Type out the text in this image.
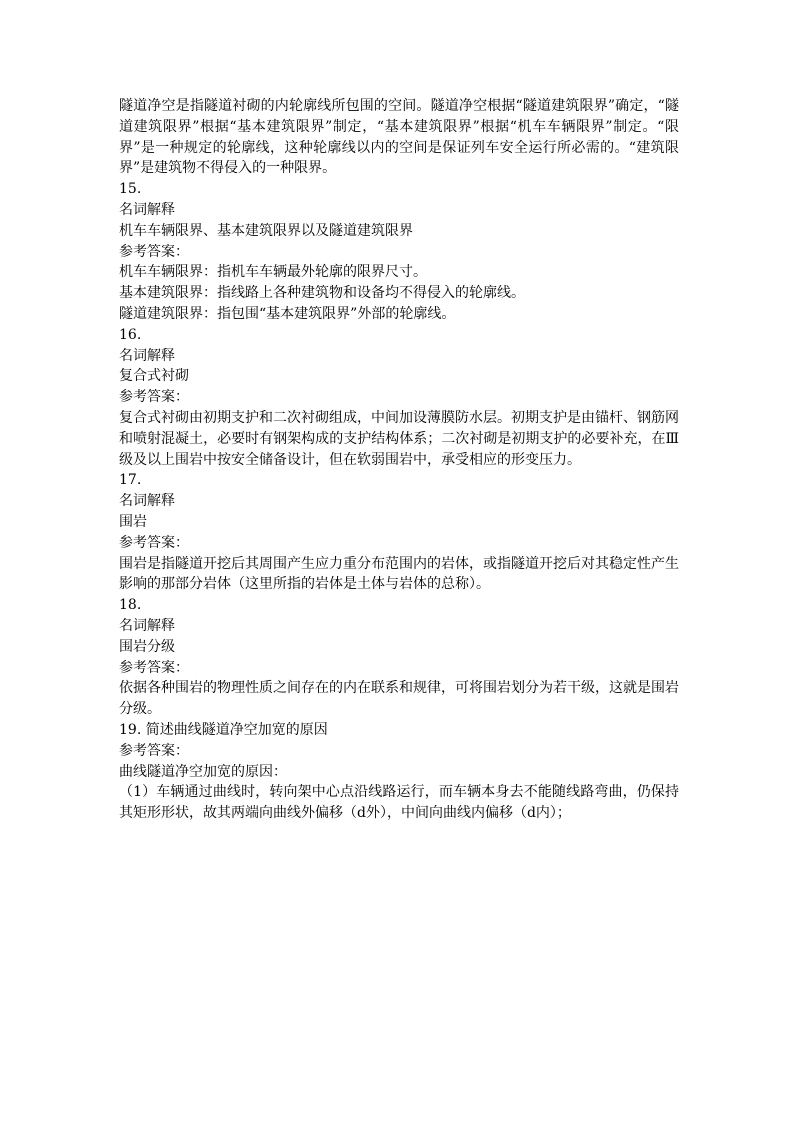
隧道净空是指隧道衬砌的内轮廓线所包围的空间。隧道净空根据“隧道建筑限界”确定，“隧道建筑限界”根据“基本建筑限界”制定，“基本建筑限界”根据“机车车辆限界”制定。“限界”是一种规定的轮廓线，这种轮廓线以内的空间是保证列车安全运行所必需的。“建筑限界”是建筑物不得侵入的一种限界。

15.

名词解释

机车车辆限界、基本建筑限界以及隧道建筑限界

参考答案：

机车车辆限界：指机车车辆最外轮廓的限界尺寸。

基本建筑限界：指线路上各种建筑物和设备均不得侵入的轮廓线。

隧道建筑限界：指包围“基本建筑限界”外部的轮廓线。

16.

名词解释

复合式衬砌

参考答案：

复合式衬砌由初期支护和二次衬砌组成，中间加设薄膜防水层。初期支护是由锚杆、钢筋网和喷射混凝土，必要时有钢架构成的支护结构体系；二次衬砌是初期支护的必要补充，在Ⅲ级及以上围岩中按安全储备设计，但在软弱围岩中，承受相应的形变压力。

17.

名词解释

围岩

参考答案：

围岩是指隧道开挖后其周围产生应力重分布范围内的岩体，或指隧道开挖后对其稳定性产生影响的那部分岩体（这里所指的岩体是土体与岩体的总称）。

18.

名词解释

围岩分级

参考答案：

依据各种围岩的物理性质之间存在的内在联系和规律，可将围岩划分为若干级，这就是围岩分级。

19. 简述曲线隧道净空加宽的原因

参考答案：

曲线隧道净空加宽的原因：

（1）车辆通过曲线时，转向架中心点沿线路运行，而车辆本身去不能随线路弯曲，仍保持其矩形形状，故其两端向曲线外偏移（d外），中间向曲线内偏移（d内）；
